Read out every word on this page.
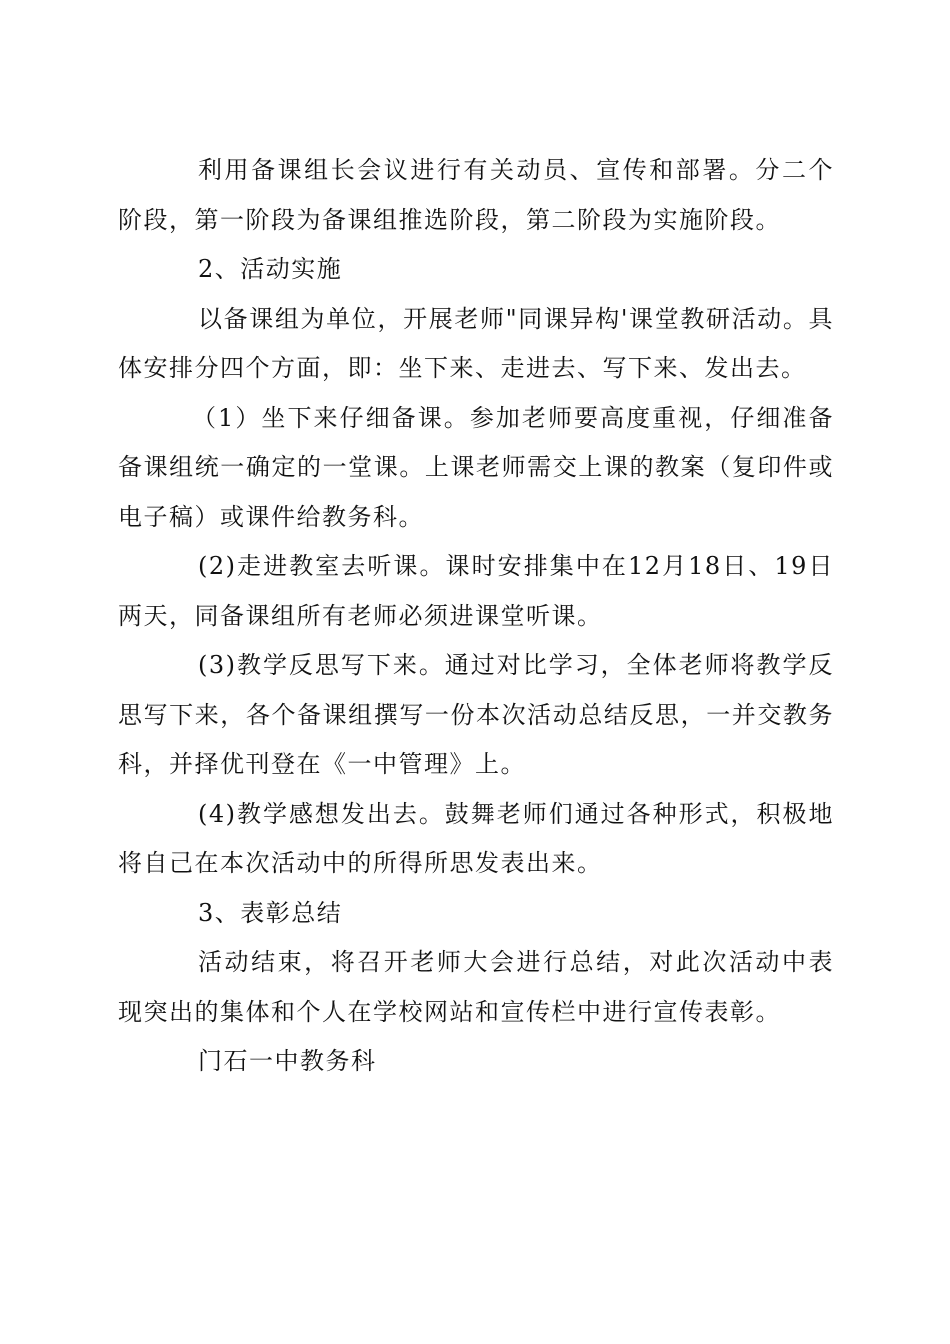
利用备课组长会议进行有关动员、宣传和部署。分二个阶段，第一阶段为备课组推选阶段，第二阶段为实施阶段。

2、活动实施

以备课组为单位，开展老师"同课异构'课堂教研活动。具体安排分四个方面，即：坐下来、走进去、写下来、发出去。

（1）坐下来仔细备课。参加老师要高度重视，仔细准备备课组统一确定的一堂课。上课老师需交上课的教案（复印件或电子稿）或课件给教务科。

(2)走进教室去听课。课时安排集中在12月18日、19日两天，同备课组所有老师必须进课堂听课。

(3)教学反思写下来。通过对比学习，全体老师将教学反思写下来，各个备课组撰写一份本次活动总结反思，一并交教务科，并择优刊登在《一中管理》上。

(4)教学感想发出去。鼓舞老师们通过各种形式，积极地将自己在本次活动中的所得所思发表出来。

3、表彰总结

活动结束，将召开老师大会进行总结，对此次活动中表现突出的集体和个人在学校网站和宣传栏中进行宣传表彰。

门石一中教务科
